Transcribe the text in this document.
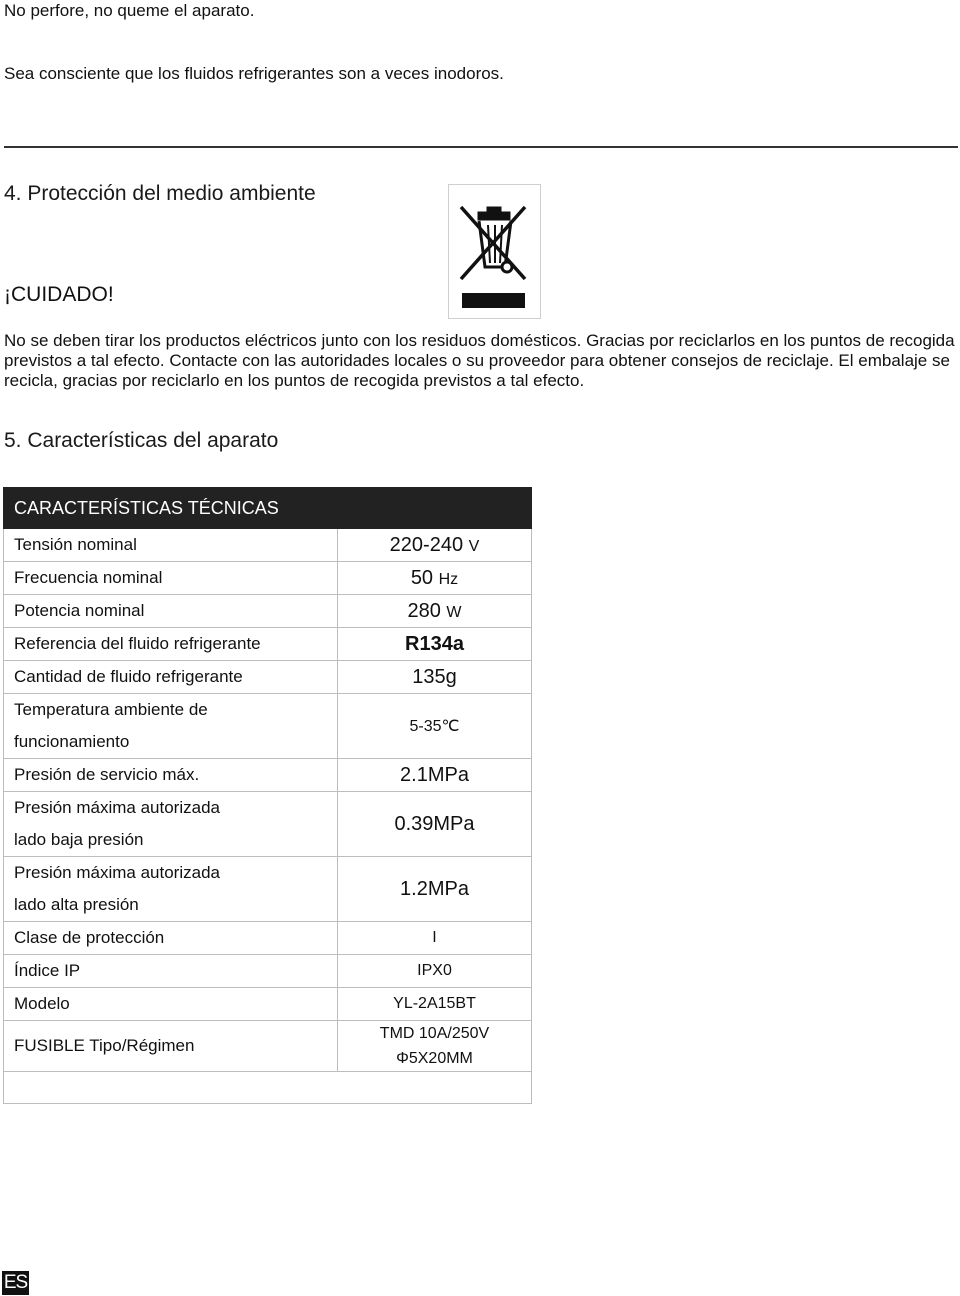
No perfore, no queme el aparato.

Sea consciente que los fluidos refrigerantes son a veces inodoros.

4. Protección del medio ambiente

¡CUIDADO!

No se deben tirar los productos eléctricos junto con los residuos domésticos. Gracias por reciclarlos en los puntos de recogida previstos a tal efecto. Contacte con las autoridades locales o su proveedor para obtener consejos de reciclaje. El embalaje se recicla, gracias por reciclarlo en los puntos de recogida previstos a tal efecto.

5. Características del aparato
CARACTERÍSTICAS TÉCNICAS	
Tensión nominal	220-240 V
Frecuencia nominal	50 Hz
Potencia nominal	280 W
Referencia del fluido refrigerante	R134a
Cantidad de fluido refrigerante	135g
Temperatura ambiente de
funcionamiento	5-35℃
Presión de servicio máx.	2.1MPa
Presión máxima autorizada
lado baja presión	0.39MPa
Presión máxima autorizada
lado alta presión	1.2MPa
Clase de protección	I
Índice IP	IPX0
Modelo	YL-2A15BT
FUSIBLE Tipo/Régimen	TMD 10A/250V
Φ5X20MM

ES
